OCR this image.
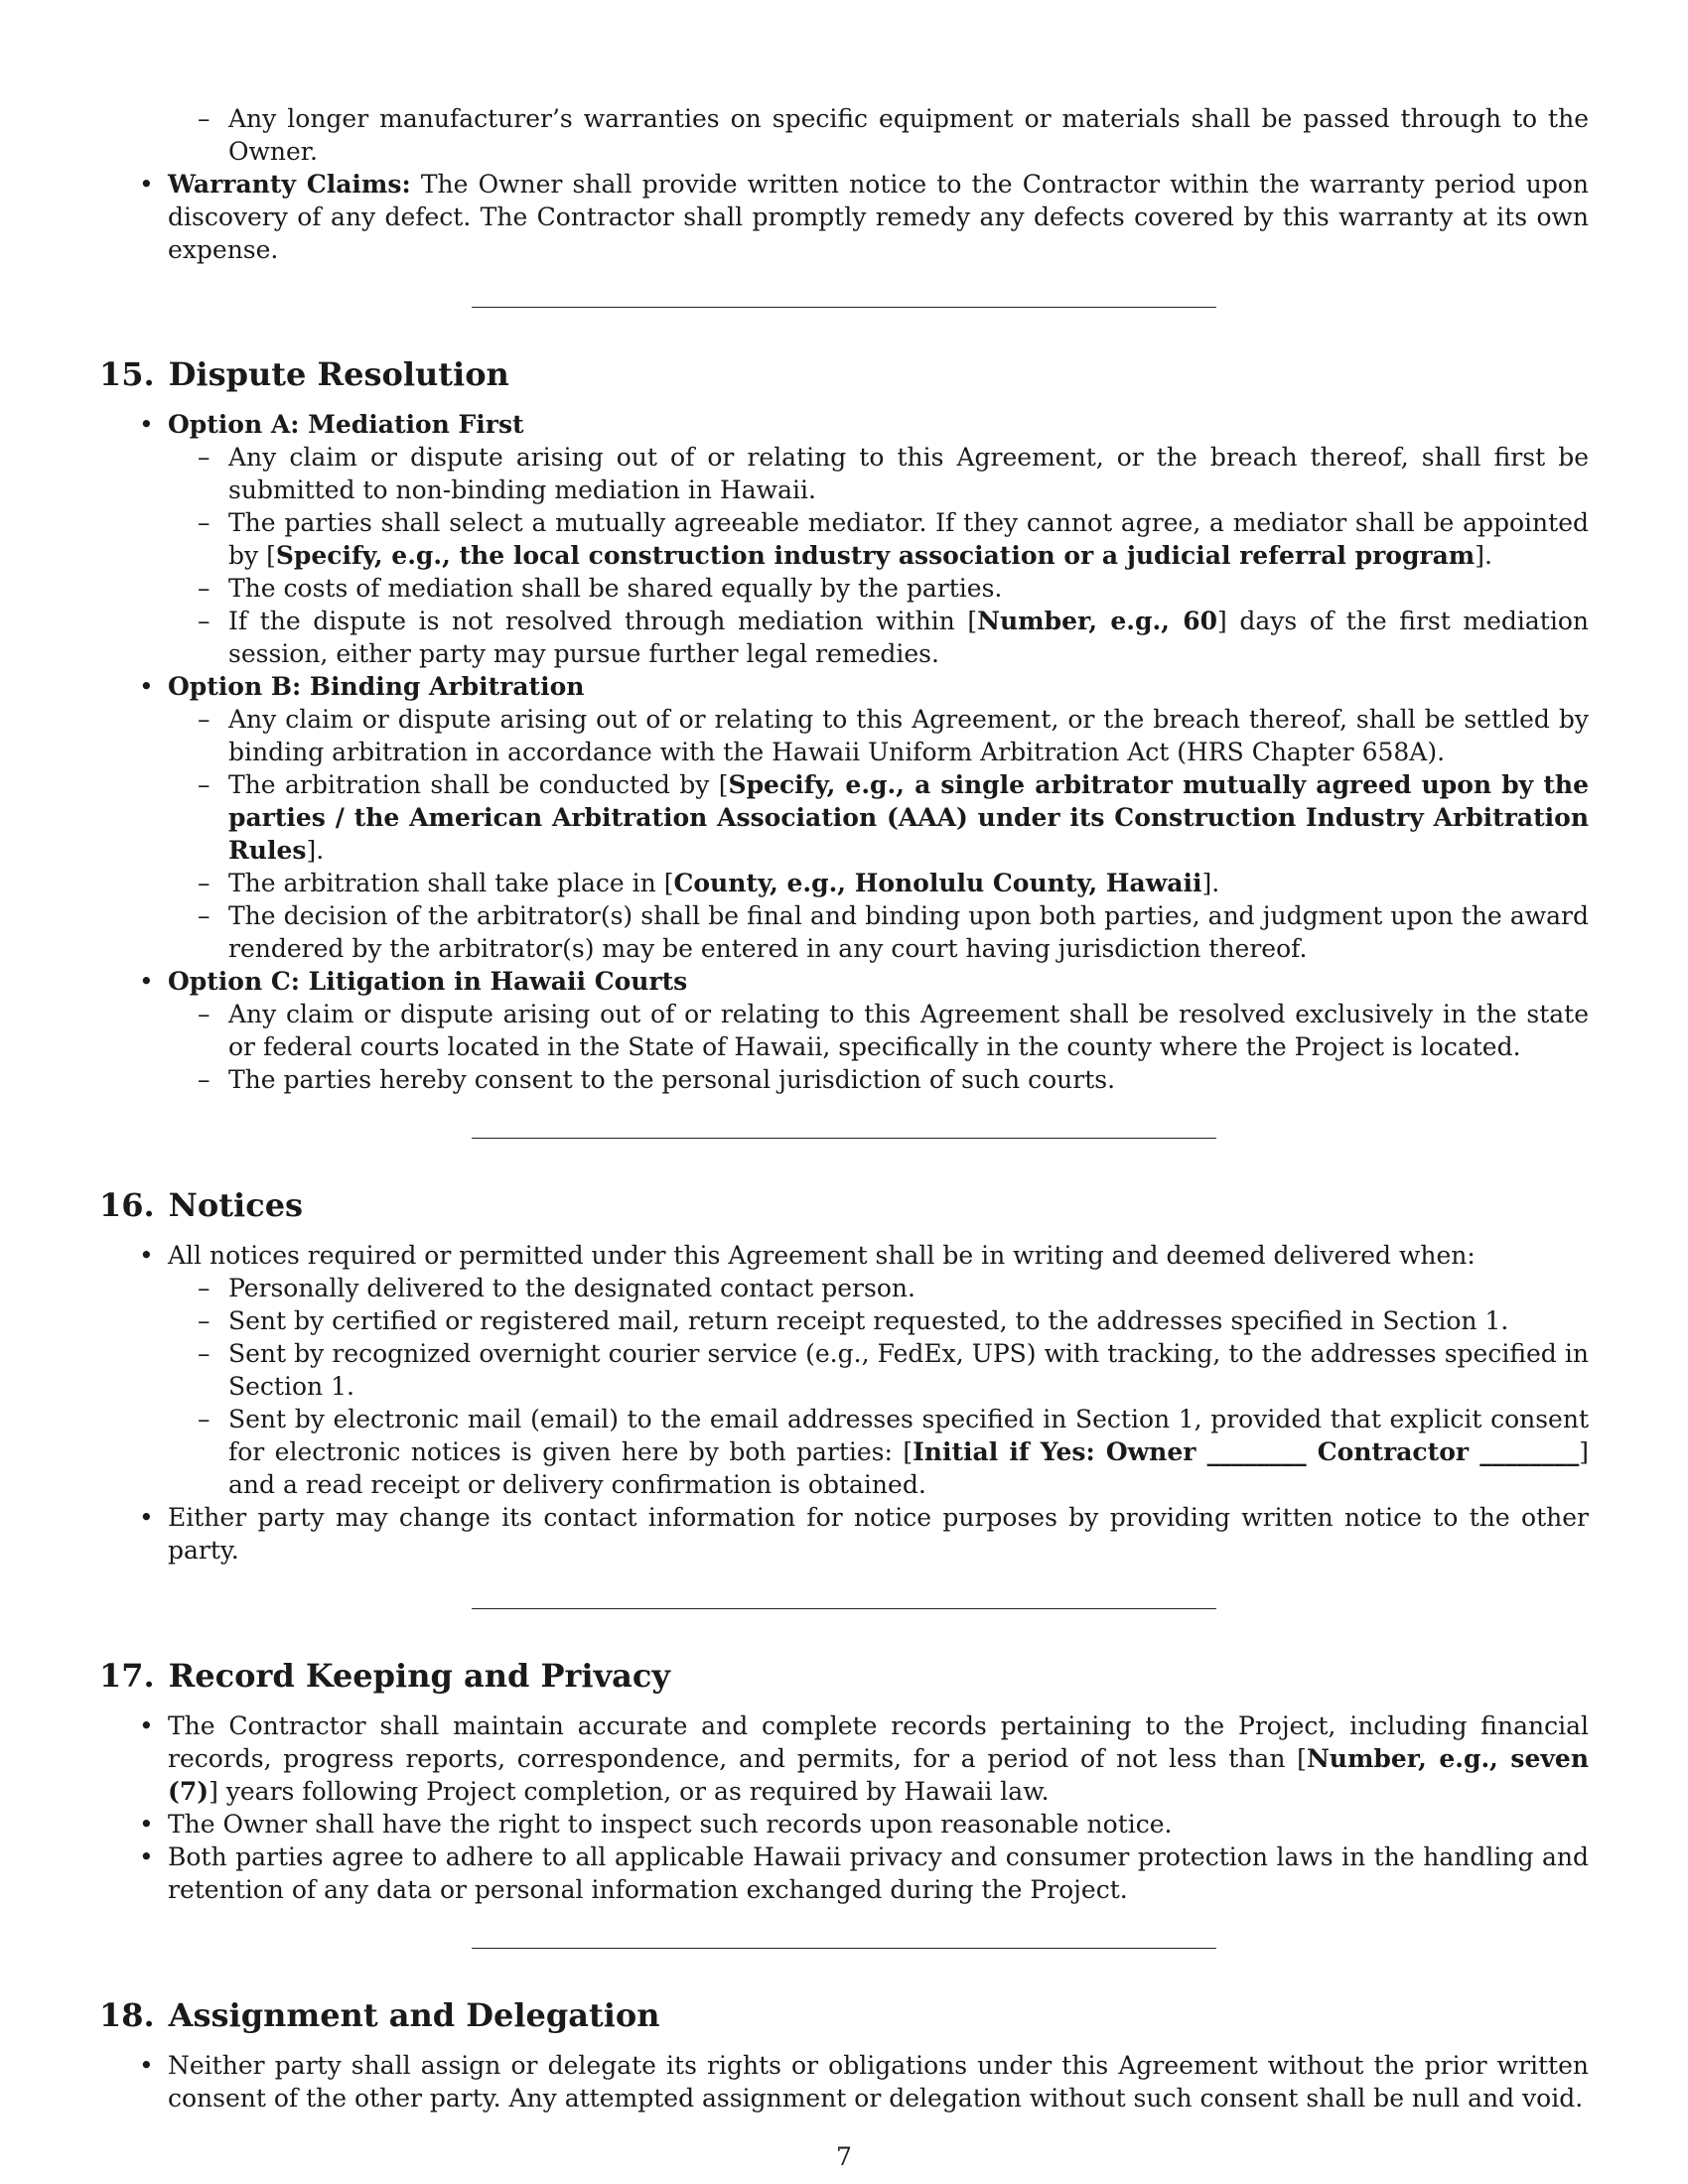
– Any longer manufacturer’s warranties on specific equipment or materials shall be passed through to the Owner.
• Warranty Claims: The Owner shall provide written notice to the Contractor within the warranty period upon discovery of any defect. The Contractor shall promptly remedy any defects covered by this warranty at its own expense.
15. Dispute Resolution
• Option A: Mediation First
– Any claim or dispute arising out of or relating to this Agreement, or the breach thereof, shall first be submitted to non-binding mediation in Hawaii.
– The parties shall select a mutually agreeable mediator. If they cannot agree, a mediator shall be appointed by [Specify, e.g., the local construction industry association or a judicial referral program].
– The costs of mediation shall be shared equally by the parties.
– If the dispute is not resolved through mediation within [Number, e.g., 60] days of the first mediation session, either party may pursue further legal remedies.
• Option B: Binding Arbitration
– Any claim or dispute arising out of or relating to this Agreement, or the breach thereof, shall be settled by binding arbitration in accordance with the Hawaii Uniform Arbitration Act (HRS Chapter 658A).
– The arbitration shall be conducted by [Specify, e.g., a single arbitrator mutually agreed upon by the parties / the American Arbitration Association (AAA) under its Construction Industry Arbitration Rules].
– The arbitration shall take place in [County, e.g., Honolulu County, Hawaii].
– The decision of the arbitrator(s) shall be final and binding upon both parties, and judgment upon the award rendered by the arbitrator(s) may be entered in any court having jurisdiction thereof.
• Option C: Litigation in Hawaii Courts
– Any claim or dispute arising out of or relating to this Agreement shall be resolved exclusively in the state or federal courts located in the State of Hawaii, specifically in the county where the Project is located.
– The parties hereby consent to the personal jurisdiction of such courts.
16. Notices
• All notices required or permitted under this Agreement shall be in writing and deemed delivered when:
– Personally delivered to the designated contact person.
– Sent by certified or registered mail, return receipt requested, to the addresses specified in Section 1.
– Sent by recognized overnight courier service (e.g., FedEx, UPS) with tracking, to the addresses specified in Section 1.
– Sent by electronic mail (email) to the email addresses specified in Section 1, provided that explicit consent for electronic notices is given here by both parties: [Initial if Yes: Owner ________ Contractor ________] and a read receipt or delivery confirmation is obtained.
• Either party may change its contact information for notice purposes by providing written notice to the other party.
17. Record Keeping and Privacy
• The Contractor shall maintain accurate and complete records pertaining to the Project, including financial records, progress reports, correspondence, and permits, for a period of not less than [Number, e.g., seven (7)] years following Project completion, or as required by Hawaii law.
• The Owner shall have the right to inspect such records upon reasonable notice.
• Both parties agree to adhere to all applicable Hawaii privacy and consumer protection laws in the handling and retention of any data or personal information exchanged during the Project.
18. Assignment and Delegation
• Neither party shall assign or delegate its rights or obligations under this Agreement without the prior written consent of the other party. Any attempted assignment or delegation without such consent shall be null and void.
7
